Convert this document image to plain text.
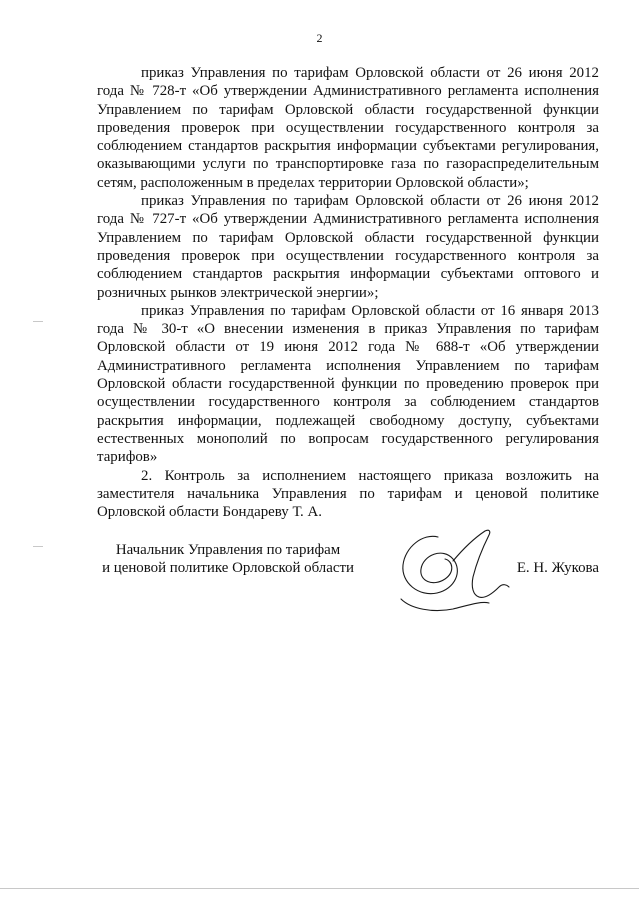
2

приказ Управления по тарифам Орловской области от 26 июня 2012 года № 728-т «Об утверждении Административного регламента исполнения Управлением по тарифам Орловской области государственной функции проведения проверок при осуществлении государственного контроля за соблюдением стандартов раскрытия информации субъектами регулирования, оказывающими услуги по транспортировке газа по газораспределительным сетям, расположенным в пределах территории Орловской области»;

приказ Управления по тарифам Орловской области от 26 июня 2012 года № 727-т «Об утверждении Административного регламента исполнения Управлением по тарифам Орловской области государственной функции проведения проверок при осуществлении государственного контроля за соблюдением стандартов раскрытия информации субъектами оптового и розничных рынков электрической энергии»;

приказ Управления по тарифам Орловской области от 16 января 2013 года № 30-т «О внесении изменения в приказ Управления по тарифам Орловской области от 19 июня 2012 года № 688-т «Об утверждении Административного регламента исполнения Управлением по тарифам Орловской области государственной функции по проведению проверок при осуществлении государственного контроля за соблюдением стандартов раскрытия информации, подлежащей свободному доступу, субъектами естественных монополий по вопросам государственного регулирования тарифов»

2. Контроль за исполнением настоящего приказа возложить на заместителя начальника Управления по тарифам и ценовой политике Орловской области Бондареву Т. А.

Начальник Управления по тарифам
и ценовой политике Орловской области	Е. Н. Жукова
